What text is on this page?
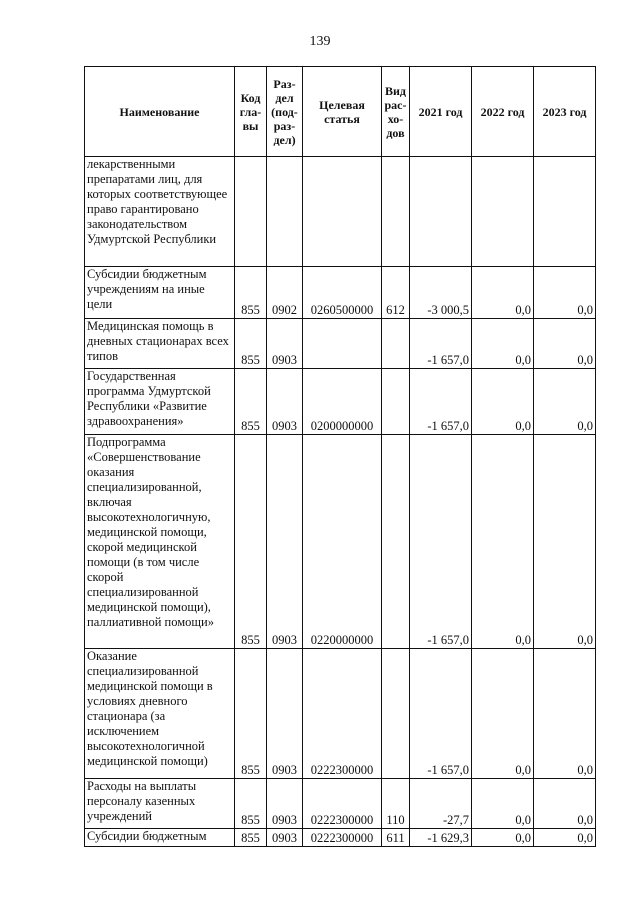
139
Наименование	Код гла-вы	Раз-дел (под-раз-дел)	Целевая статья	Вид рас-хо-дов	2021 год	2022 год	2023 год
лекарственными препаратами лиц, для которых соответствующее право гарантировано законодательством Удмуртской Республики							
Субсидии бюджетным учреждениям на иные цели	855	0902	0260500000	612	-3 000,5	0,0	0,0
Медицинская помощь в дневных стационарах всех типов	855	0903			-1 657,0	0,0	0,0
Государственная программа Удмуртской Республики «Развитие здравоохранения»	855	0903	0200000000		-1 657,0	0,0	0,0
Подпрограмма «Совершенствование оказания специализированной, включая высокотехнологичную, медицинской помощи, скорой медицинской помощи (в том числе скорой специализированной медицинской помощи), паллиативной помощи»	855	0903	0220000000		-1 657,0	0,0	0,0
Оказание специализированной медицинской помощи в условиях дневного стационара (за исключением высокотехнологичной медицинской помощи)	855	0903	0222300000		-1 657,0	0,0	0,0
Расходы на выплаты персоналу казенных учреждений	855	0903	0222300000	110	-27,7	0,0	0,0
Субсидии бюджетным	855	0903	0222300000	611	-1 629,3	0,0	0,0
